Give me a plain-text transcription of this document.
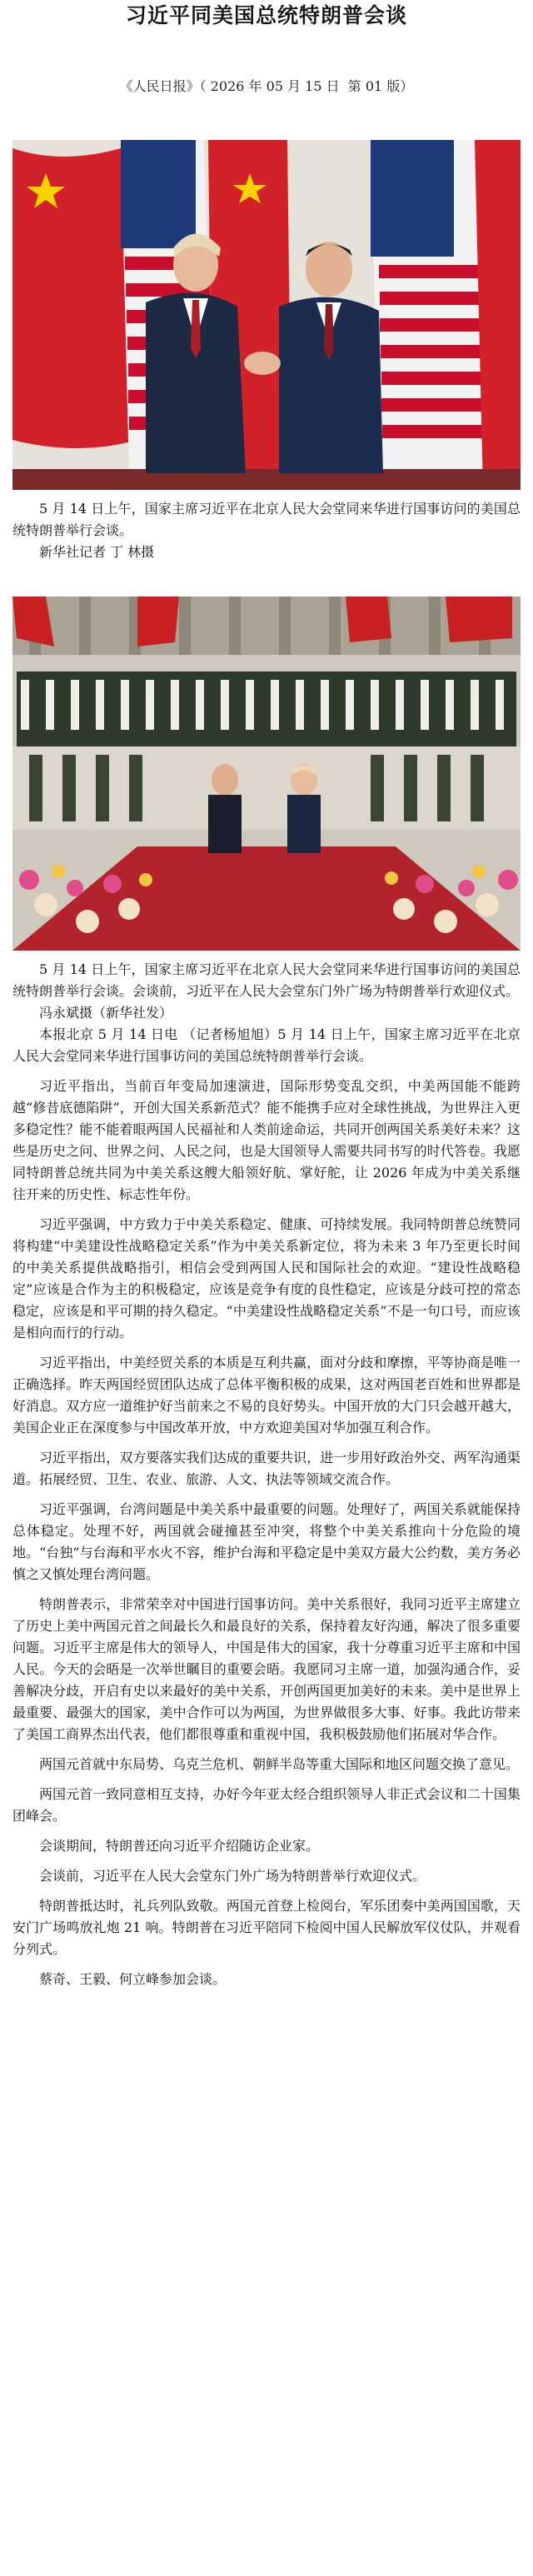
习近平同美国总统特朗普会谈
《人民日报》（ 2026 年 05 月 15 日  第 01 版）

5 月 14 日上午，国家主席习近平在北京人民大会堂同来华进行国事访问的美国总统特朗普举行会谈。

新华社记者 丁 林摄

5 月 14 日上午，国家主席习近平在北京人民大会堂同来华进行国事访问的美国总统特朗普举行会谈。会谈前，习近平在人民大会堂东门外广场为特朗普举行欢迎仪式。

冯永斌摄（新华社发）

本报北京 5 月 14 日电 （记者杨旭旭）5 月 14 日上午，国家主席习近平在北京人民大会堂同来华进行国事访问的美国总统特朗普举行会谈。

习近平指出，当前百年变局加速演进，国际形势变乱交织，中美两国能不能跨越“修昔底德陷阱”，开创大国关系新范式？能不能携手应对全球性挑战，为世界注入更多稳定性？能不能着眼两国人民福祉和人类前途命运，共同开创两国关系美好未来？这些是历史之问、世界之问、人民之问，也是大国领导人需要共同书写的时代答卷。我愿同特朗普总统共同为中美关系这艘大船领好航、掌好舵，让 2026 年成为中美关系继往开来的历史性、标志性年份。

习近平强调，中方致力于中美关系稳定、健康、可持续发展。我同特朗普总统赞同将构建“中美建设性战略稳定关系”作为中美关系新定位，将为未来 3 年乃至更长时间的中美关系提供战略指引，相信会受到两国人民和国际社会的欢迎。“建设性战略稳定”应该是合作为主的积极稳定，应该是竞争有度的良性稳定，应该是分歧可控的常态稳定，应该是和平可期的持久稳定。“中美建设性战略稳定关系”不是一句口号，而应该是相向而行的行动。

习近平指出，中美经贸关系的本质是互利共赢，面对分歧和摩擦，平等协商是唯一正确选择。昨天两国经贸团队达成了总体平衡积极的成果，这对两国老百姓和世界都是好消息。双方应一道维护好当前来之不易的良好势头。中国开放的大门只会越开越大，美国企业正在深度参与中国改革开放，中方欢迎美国对华加强互利合作。

习近平指出，双方要落实我们达成的重要共识，进一步用好政治外交、两军沟通渠道。拓展经贸、卫生、农业、旅游、人文、执法等领域交流合作。

习近平强调，台湾问题是中美关系中最重要的问题。处理好了，两国关系就能保持总体稳定。处理不好，两国就会碰撞甚至冲突，将整个中美关系推向十分危险的境地。“台独”与台海和平水火不容，维护台海和平稳定是中美双方最大公约数，美方务必慎之又慎处理台湾问题。

特朗普表示，非常荣幸对中国进行国事访问。美中关系很好，我同习近平主席建立了历史上美中两国元首之间最长久和最良好的关系，保持着友好沟通，解决了很多重要问题。习近平主席是伟大的领导人，中国是伟大的国家，我十分尊重习近平主席和中国人民。今天的会晤是一次举世瞩目的重要会晤。我愿同习主席一道，加强沟通合作，妥善解决分歧，开启有史以来最好的美中关系，开创两国更加美好的未来。美中是世界上最重要、最强大的国家，美中合作可以为两国，为世界做很多大事、好事。我此访带来了美国工商界杰出代表，他们都很尊重和重视中国，我积极鼓励他们拓展对华合作。

两国元首就中东局势、乌克兰危机、朝鲜半岛等重大国际和地区问题交换了意见。

两国元首一致同意相互支持，办好今年亚太经合组织领导人非正式会议和二十国集团峰会。

会谈期间，特朗普还向习近平介绍随访企业家。

会谈前，习近平在人民大会堂东门外广场为特朗普举行欢迎仪式。

特朗普抵达时，礼兵列队致敬。两国元首登上检阅台，军乐团奏中美两国国歌，天安门广场鸣放礼炮 21 响。特朗普在习近平陪同下检阅中国人民解放军仪仗队，并观看分列式。

蔡奇、王毅、何立峰参加会谈。
